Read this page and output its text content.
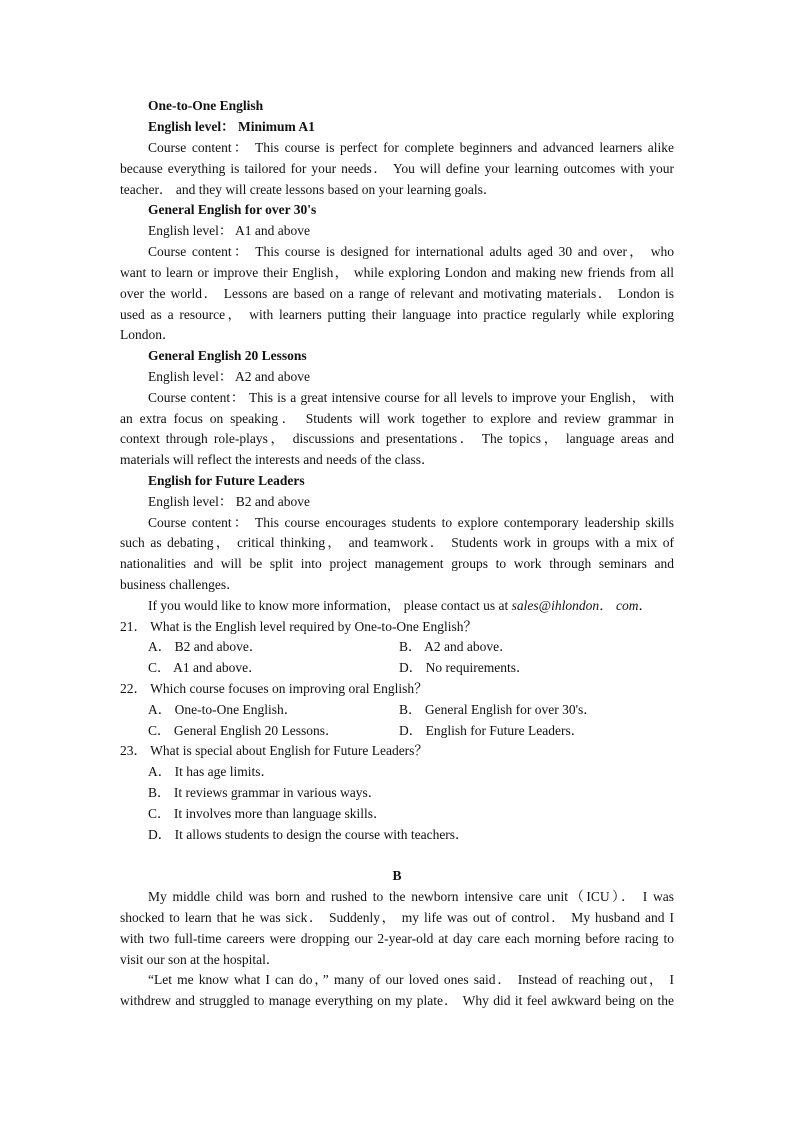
One-to-One English
English level： Minimum A1
Course content： This course is perfect for complete beginners and advanced learners alike
because everything is tailored for your needs． You will define your learning outcomes with your
teacher． and they will create lessons based on your learning goals．
General English for over 30's
English level： A1 and above
Course content： This course is designed for international adults aged 30 and over， who
want to learn or improve their English， while exploring London and making new friends from all
over the world． Lessons are based on a range of relevant and motivating materials． London is
used as a resource， with learners putting their language into practice regularly while exploring
London．
General English 20 Lessons
English level： A2 and above
Course content： This is a great intensive course for all levels to improve your English， with
an extra focus on speaking． Students will work together to explore and review grammar in
context through role-plays， discussions and presentations． The topics， language areas and
materials will reflect the interests and needs of the class．
English for Future Leaders
English level： B2 and above
Course content： This course encourages students to explore contemporary leadership skills
such as debating， critical thinking， and teamwork． Students work in groups with a mix of
nationalities and will be split into project management groups to work through seminars and
business challenges．
If you would like to know more information， please contact us at sales@ihlondon． com．
21． What is the English level required by One-to-One English？
A． B2 and above．	B． A2 and above．
C． A1 and above．	D． No requirements．
22． Which course focuses on improving oral English？
A． One-to-One English．	B． General English for over 30's．
C． General English 20 Lessons．	D． English for Future Leaders．
23． What is special about English for Future Leaders？
A． It has age limits．
B． It reviews grammar in various ways．
C． It involves more than language skills．
D． It allows students to design the course with teachers．
B
My middle child was born and rushed to the newborn intensive care unit（ICU）． I was
shocked to learn that he was sick． Suddenly， my life was out of control． My husband and I
with two full-time careers were dropping our 2-year-old at day care each morning before racing to
visit our son at the hospital．
“Let me know what I can do，” many of our loved ones said． Instead of reaching out， I
withdrew and struggled to manage everything on my plate． Why did it feel awkward being on the
